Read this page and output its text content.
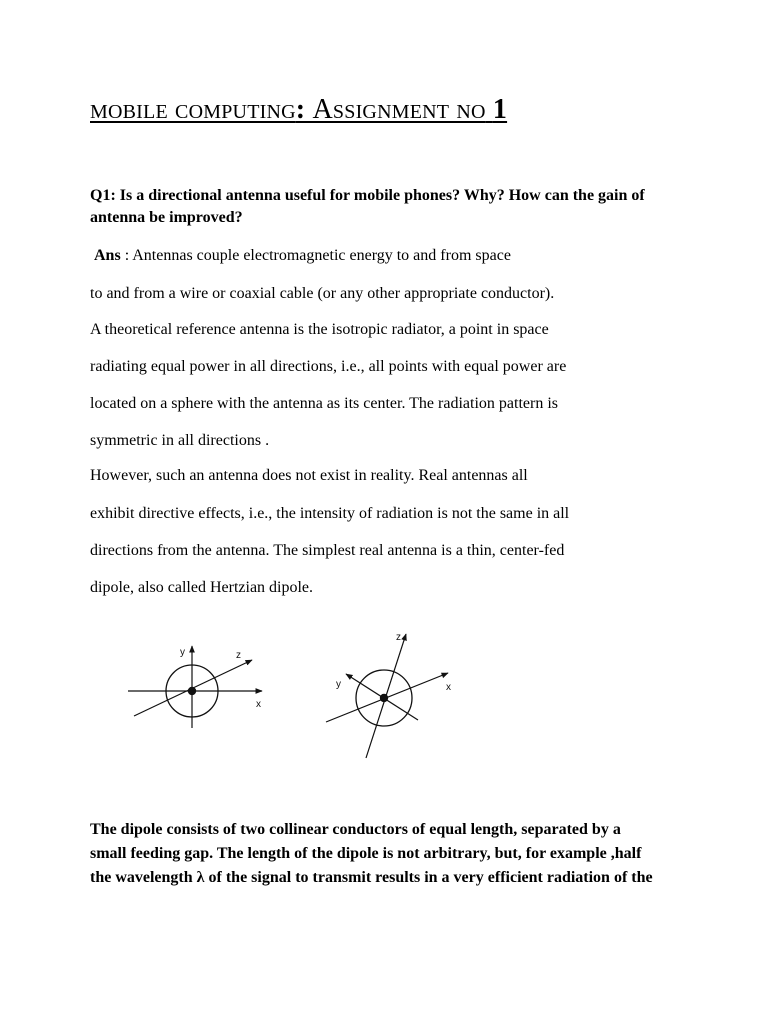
mobile computing: Assignment no 1
Q1: Is a directional antenna useful for mobile phones? Why? How can the gain of antenna be improved?
Ans : Antennas couple electromagnetic energy to and from space
to and from a wire or coaxial cable (or any other appropriate conductor).
A theoretical reference antenna is the isotropic radiator, a point in space
radiating equal power in all directions, i.e., all points with equal power are
located on a sphere with the antenna as its center. The radiation pattern is
symmetric in all directions .
However, such an antenna does not exist in reality. Real antennas all
exhibit directive effects, i.e., the intensity of radiation is not the same in all
directions from the antenna. The simplest real antenna is a thin, center-fed
dipole, also called Hertzian dipole.
y	z
x
z
y	x
The dipole consists of two collinear conductors of equal length, separated by a
small feeding gap. The length of the dipole is not arbitrary, but, for example ,half
the wavelength λ of the signal to transmit results in a very efficient radiation of the
